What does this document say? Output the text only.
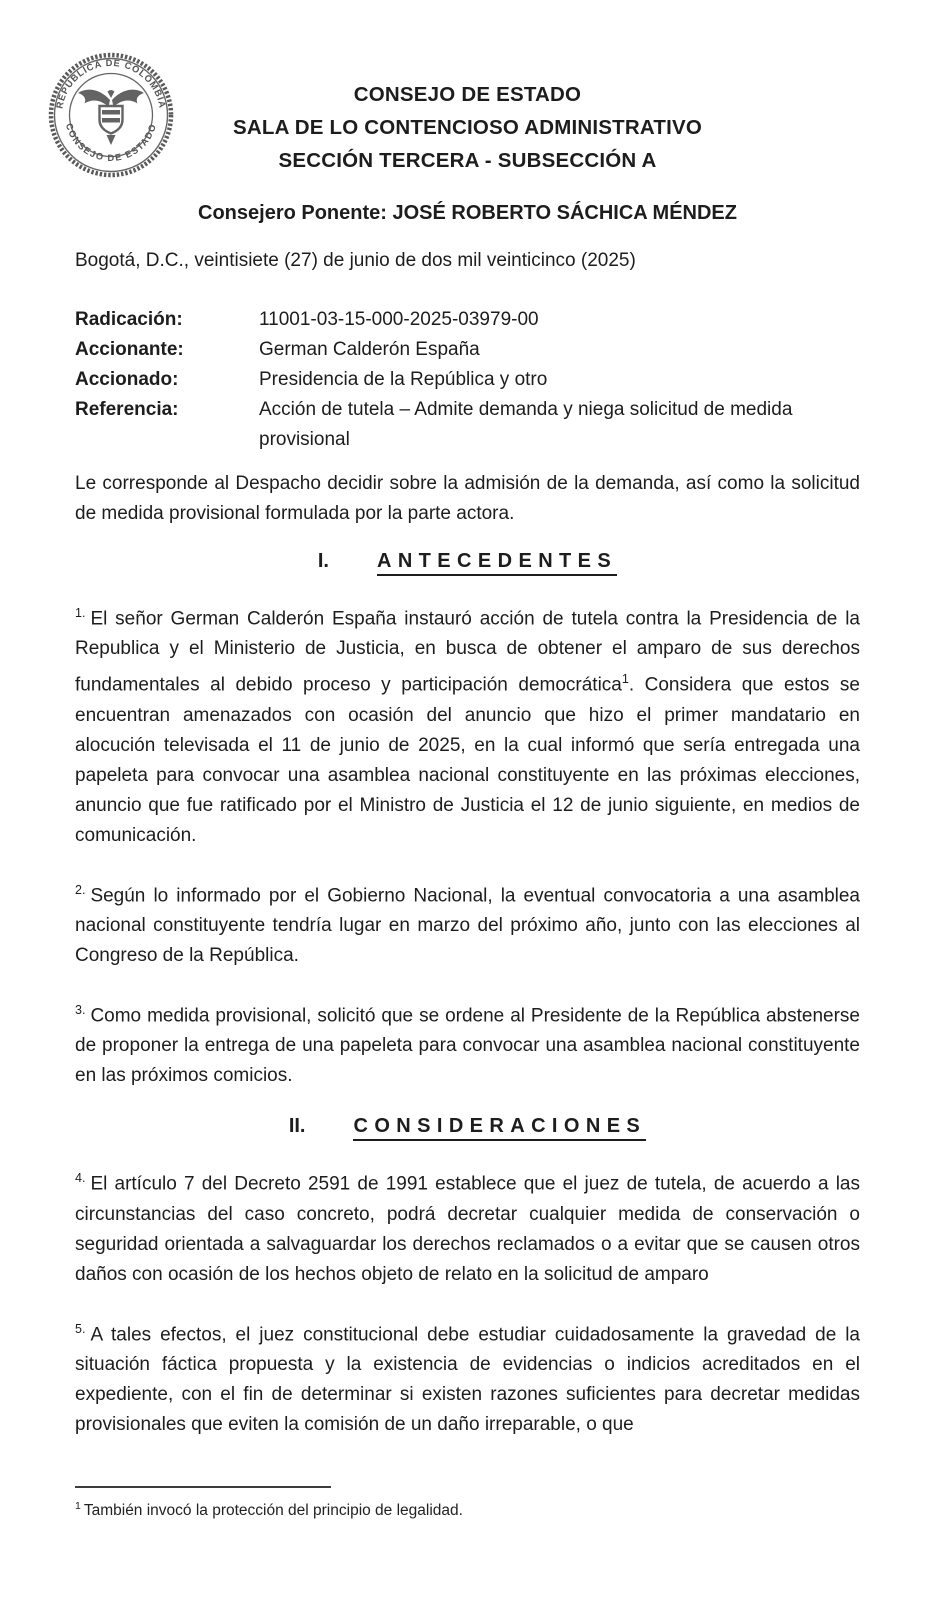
REPUBLICA DE COLOMBIA
CONSEJO DE ESTADO
CONSEJO DE ESTADO
SALA DE LO CONTENCIOSO ADMINISTRATIVO
SECCIÓN TERCERA - SUBSECCIÓN A
Consejero Ponente: JOSÉ ROBERTO SÁCHICA MÉNDEZ
Bogotá, D.C., veintisiete (27) de junio de dos mil veinticinco (2025)
Radicación:	11001-03-15-000-2025-03979-00
Accionante:	German Calderón España
Accionado:	Presidencia de la República y otro
Referencia:	Acción de tutela – Admite demanda y niega solicitud de medida provisional

Le corresponde al Despacho decidir sobre la admisión de la demanda, así como la solicitud de medida provisional formulada por la parte actora.

I. ANTECEDENTES

$^{1.}$ El señor German Calderón España instauró acción de tutela contra la Presidencia de la Republica y el Ministerio de Justicia, en busca de obtener el amparo de sus derechos fundamentales al debido proceso y participación democrática$^1$. Considera que estos se encuentran amenazados con ocasión del anuncio que hizo el primer mandatario en alocución televisada el 11 de junio de 2025, en la cual informó que sería entregada una papeleta para convocar una asamblea nacional constituyente en las próximas elecciones, anuncio que fue ratificado por el Ministro de Justicia el 12 de junio siguiente, en medios de comunicación.

$^{2.}$ Según lo informado por el Gobierno Nacional, la eventual convocatoria a una asamblea nacional constituyente tendría lugar en marzo del próximo año, junto con las elecciones al Congreso de la República.

$^{3.}$ Como medida provisional, solicitó que se ordene al Presidente de la República abstenerse de proponer la entrega de una papeleta para convocar una asamblea nacional constituyente en las próximos comicios.

II. CONSIDERACIONES

$^{4.}$ El artículo 7 del Decreto 2591 de 1991 establece que el juez de tutela, de acuerdo a las circunstancias del caso concreto, podrá decretar cualquier medida de conservación o seguridad orientada a salvaguardar los derechos reclamados o a evitar que se causen otros daños con ocasión de los hechos objeto de relato en la solicitud de amparo

$^{5.}$ A tales efectos, el juez constitucional debe estudiar cuidadosamente la gravedad de la situación fáctica propuesta y la existencia de evidencias o indicios acreditados en el expediente, con el fin de determinar si existen razones suficientes para decretar medidas provisionales que eviten la comisión de un daño irreparable, o que

$^1$ También invocó la protección del principio de legalidad.
